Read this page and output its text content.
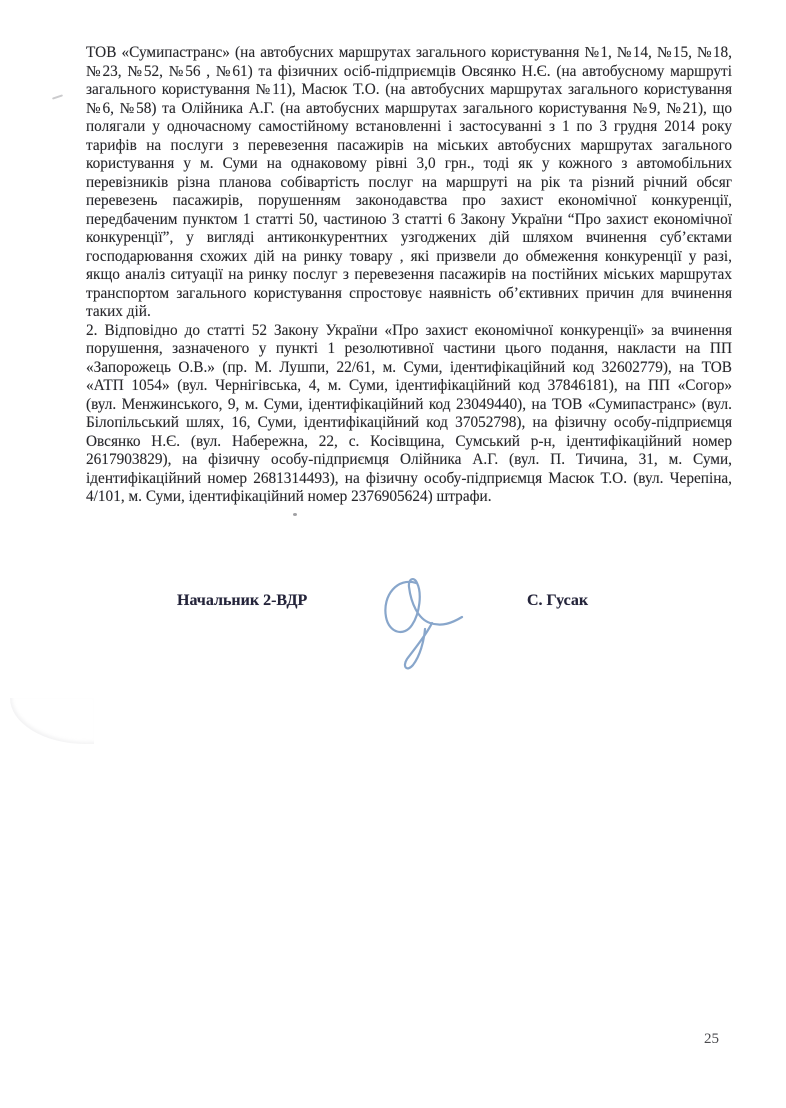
ТОВ «Сумипастранс» (на автобусних маршрутах загального користування №1, №14, №15, №18,
№23, №52, №56 , №61) та фізичних осіб-підприємців Овсянко Н.Є. (на автобусному маршруті
загального користування №11), Масюк Т.О. (на автобусних маршрутах загального користування
№6, №58) та Олійника А.Г. (на автобусних маршрутах загального користування №9, №21), що
полягали у одночасному самостійному встановленні і застосуванні з 1 по 3 грудня 2014 року
тарифів на послуги з перевезення пасажирів на міських автобусних маршрутах загального
користування у м. Суми на однаковому рівні 3,0 грн., тоді як у кожного з автомобільних
перевізників різна планова собівартість послуг на маршруті на рік та різний річний обсяг
перевезень пасажирів, порушенням законодавства про захист економічної конкуренції,
передбаченим пунктом 1 статті 50, частиною 3 статті 6 Закону України “Про захист економічної
конкуренції”, у вигляді антиконкурентних узгоджених дій шляхом вчинення суб’єктами
господарювання схожих дій на ринку товару , які призвели до обмеження конкуренції у разі,
якщо аналіз ситуації на ринку послуг з перевезення пасажирів на постійних міських маршрутах
транспортом загального користування спростовує наявність об’єктивних причин для вчинення
таких дій.
2. Відповідно до статті 52 Закону України «Про захист економічної конкуренції» за вчинення
порушення, зазначеного у пункті 1 резолютивної частини цього подання, накласти на ПП
«Запорожець О.В.» (пр. М. Лушпи, 22/61, м. Суми, ідентифікаційний код 32602779), на ТОВ
«АТП 1054» (вул. Чернігівська, 4, м. Суми, ідентифікаційний код 37846181), на ПП «Согор»
(вул. Менжинського, 9, м. Суми, ідентифікаційний код 23049440), на ТОВ «Сумипастранс» (вул.
Білопільський шлях, 16, Суми, ідентифікаційний код 37052798), на фізичну особу-підприємця
Овсянко Н.Є. (вул. Набережна, 22, с. Косівщина, Сумський р-н, ідентифікаційний номер
2617903829), на фізичну особу-підприємця Олійника А.Г. (вул. П. Тичина, 31, м. Суми,
ідентифікаційний номер 2681314493), на фізичну особу-підприємця Масюк Т.О. (вул. Черепіна,
4/101, м. Суми, ідентифікаційний номер 2376905624) штрафи.
Начальник 2-ВДР	С. Гусак
25
